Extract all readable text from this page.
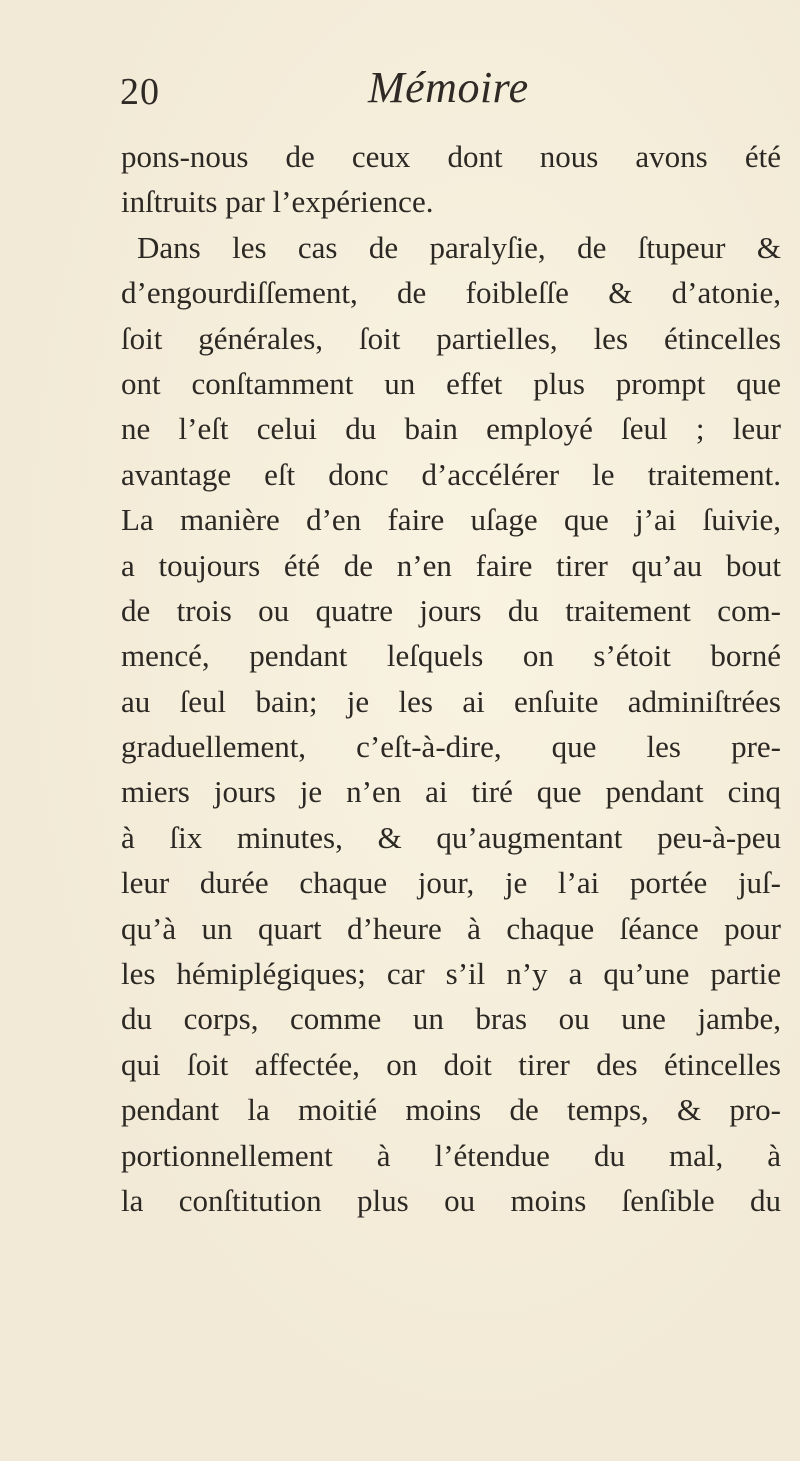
20	Mémoire
pons-nous de ceux dont nous avons été
inſtruits par l’expérience.
Dans les cas de paralyſie, de ſtupeur &
d’engourdiſſement, de foibleſſe & d’atonie,
ſoit générales, ſoit partielles, les étincelles
ont conſtamment un effet plus prompt que
ne l’eſt celui du bain employé ſeul ; leur
avantage eſt donc d’accélérer le traitement.
La manière d’en faire uſage que j’ai ſuivie,
a toujours été de n’en faire tirer qu’au bout
de trois ou quatre jours du traitement com-
mencé, pendant leſquels on s’étoit borné
au ſeul bain; je les ai enſuite adminiſtrées
graduellement, c’eſt-à-dire, que les pre-
miers jours je n’en ai tiré que pendant cinq
à ſix minutes, & qu’augmentant peu-à-peu
leur durée chaque jour, je l’ai portée juſ-
qu’à un quart d’heure à chaque ſéance pour
les hémiplégiques; car s’il n’y a qu’une partie
du corps, comme un bras ou une jambe,
qui ſoit affectée, on doit tirer des étincelles
pendant la moitié moins de temps, & pro-
portionnellement à l’étendue du mal, à
la conſtitution plus ou moins ſenſible du
